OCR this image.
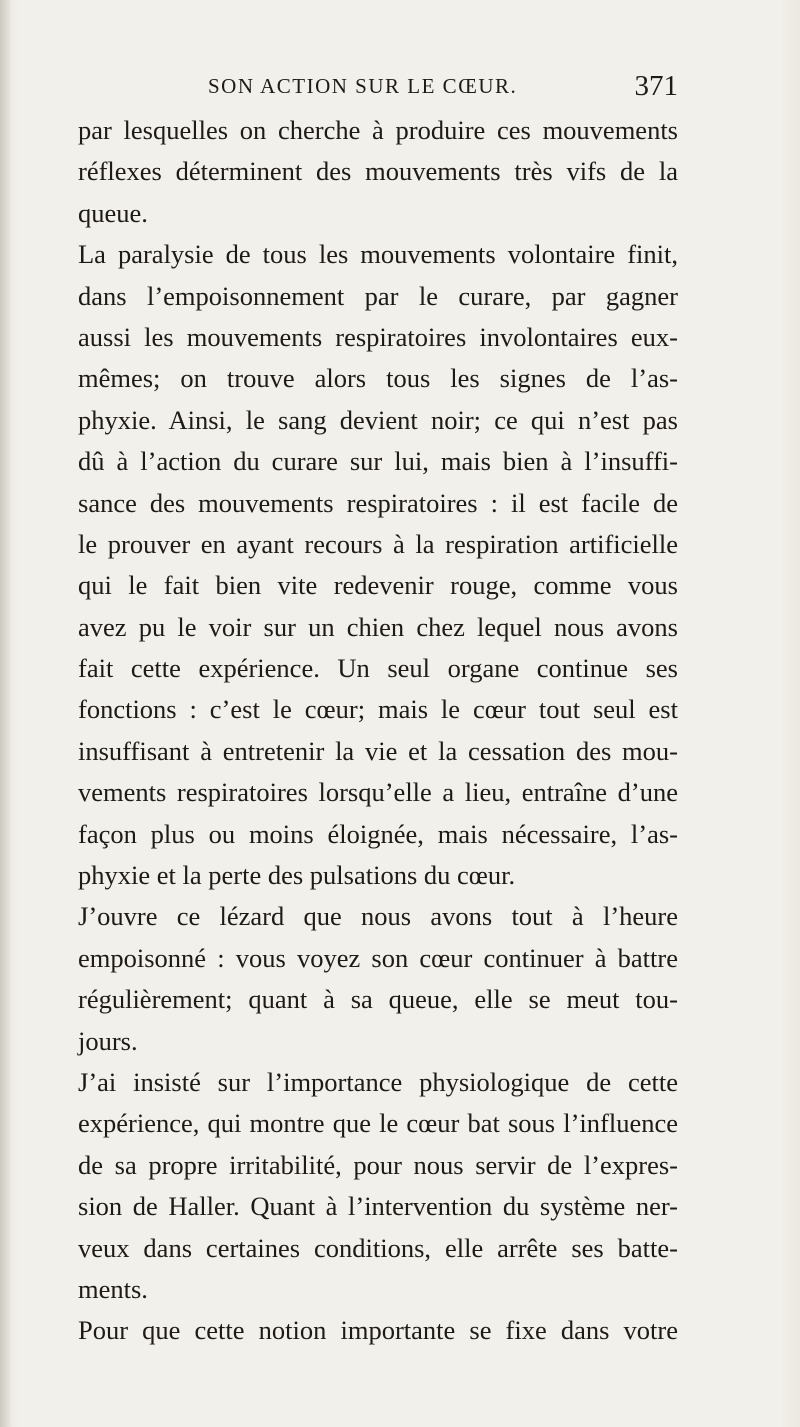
SON ACTION SUR LE CŒUR.	371
par lesquelles on cherche à produire ces mouvements
réflexes déterminent des mouvements très vifs de la
queue.
La paralysie de tous les mouvements volontaire finit,
dans l’empoisonnement par le curare, par gagner
aussi les mouvements respiratoires involontaires eux-
mêmes; on trouve alors tous les signes de l’as-
phyxie. Ainsi, le sang devient noir; ce qui n’est pas
dû à l’action du curare sur lui, mais bien à l’insuffi-
sance des mouvements respiratoires : il est facile de
le prouver en ayant recours à la respiration artificielle
qui le fait bien vite redevenir rouge, comme vous
avez pu le voir sur un chien chez lequel nous avons
fait cette expérience. Un seul organe continue ses
fonctions : c’est le cœur; mais le cœur tout seul est
insuffisant à entretenir la vie et la cessation des mou-
vements respiratoires lorsqu’elle a lieu, entraîne d’une
façon plus ou moins éloignée, mais nécessaire, l’as-
phyxie et la perte des pulsations du cœur.
J’ouvre ce lézard que nous avons tout à l’heure
empoisonné : vous voyez son cœur continuer à battre
régulièrement; quant à sa queue, elle se meut tou-
jours.
J’ai insisté sur l’importance physiologique de cette
expérience, qui montre que le cœur bat sous l’influence
de sa propre irritabilité, pour nous servir de l’expres-
sion de Haller. Quant à l’intervention du système ner-
veux dans certaines conditions, elle arrête ses batte-
ments.
Pour que cette notion importante se fixe dans votre
